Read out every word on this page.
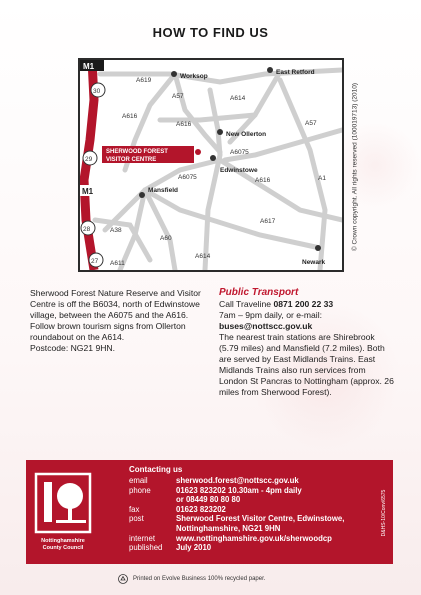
HOW TO FIND US
M1
M1
30
29
28
27
Worksop
East Retford
New Ollerton
Edwinstowe
Mansfield
Newark
SHERWOOD FOREST
VISITOR CENTRE
A619
A57	A614
A616
A616	A57
A6075
A6075	A616	A1
A617
A38
A60
A611
A614
© Crown copyright. All rights reserved (100019713) (2010)

Sherwood Forest Nature Reserve and Visitor Centre is off the B6034, north of Edwinstowe village, between the A6075 and the A616. Follow brown tourism signs from Ollerton roundabout on the A614.

Postcode: NG21 9HN.

Public Transport
Call Traveline 0871 200 22 33
7am – 9pm daily, or e-mail:
buses@nottscc.gov.uk

The nearest train stations are Shirebrook (5.79 miles) and Mansfield (7.2 miles). Both are served by East Midlands Trains. East Midlands Trains also run services from London St Pancras to Nottingham (approx. 26 miles from Sherwood Forest).

Nottinghamshire
County Council
Contacting us
email	sherwood.forest@nottscc.gov.uk
phone	01623 823202 10.30am - 4pm daily
or 08449 80 80 80
fax	01623 823202
post	Sherwood Forest Visitor Centre, Edwinstowe,
Nottinghamshire, NG21 9HN
internet	www.nottinghamshire.gov.uk/sherwoodcp
published	July 2010
D&HS-10/Conv/6575
Printed on Evolve Business 100% recycled paper.
